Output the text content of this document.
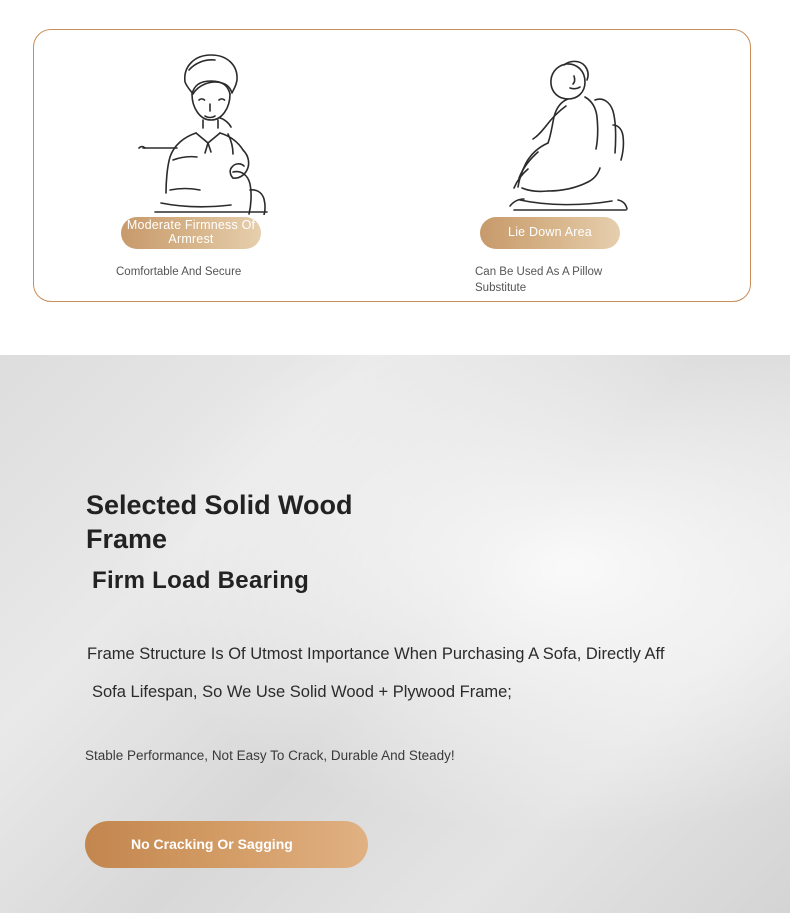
Moderate Firmness Of Armrest
Comfortable And Secure
Lie Down Area
Can Be Used As A Pillow Substitute
Selected Solid Wood Frame
Firm Load Bearing
Frame Structure Is Of Utmost Importance When Purchasing A Sofa, Directly Aff
Sofa Lifespan, So We Use Solid Wood + Plywood Frame;
Stable Performance, Not Easy To Crack, Durable And Steady!
No Cracking Or Sagging
